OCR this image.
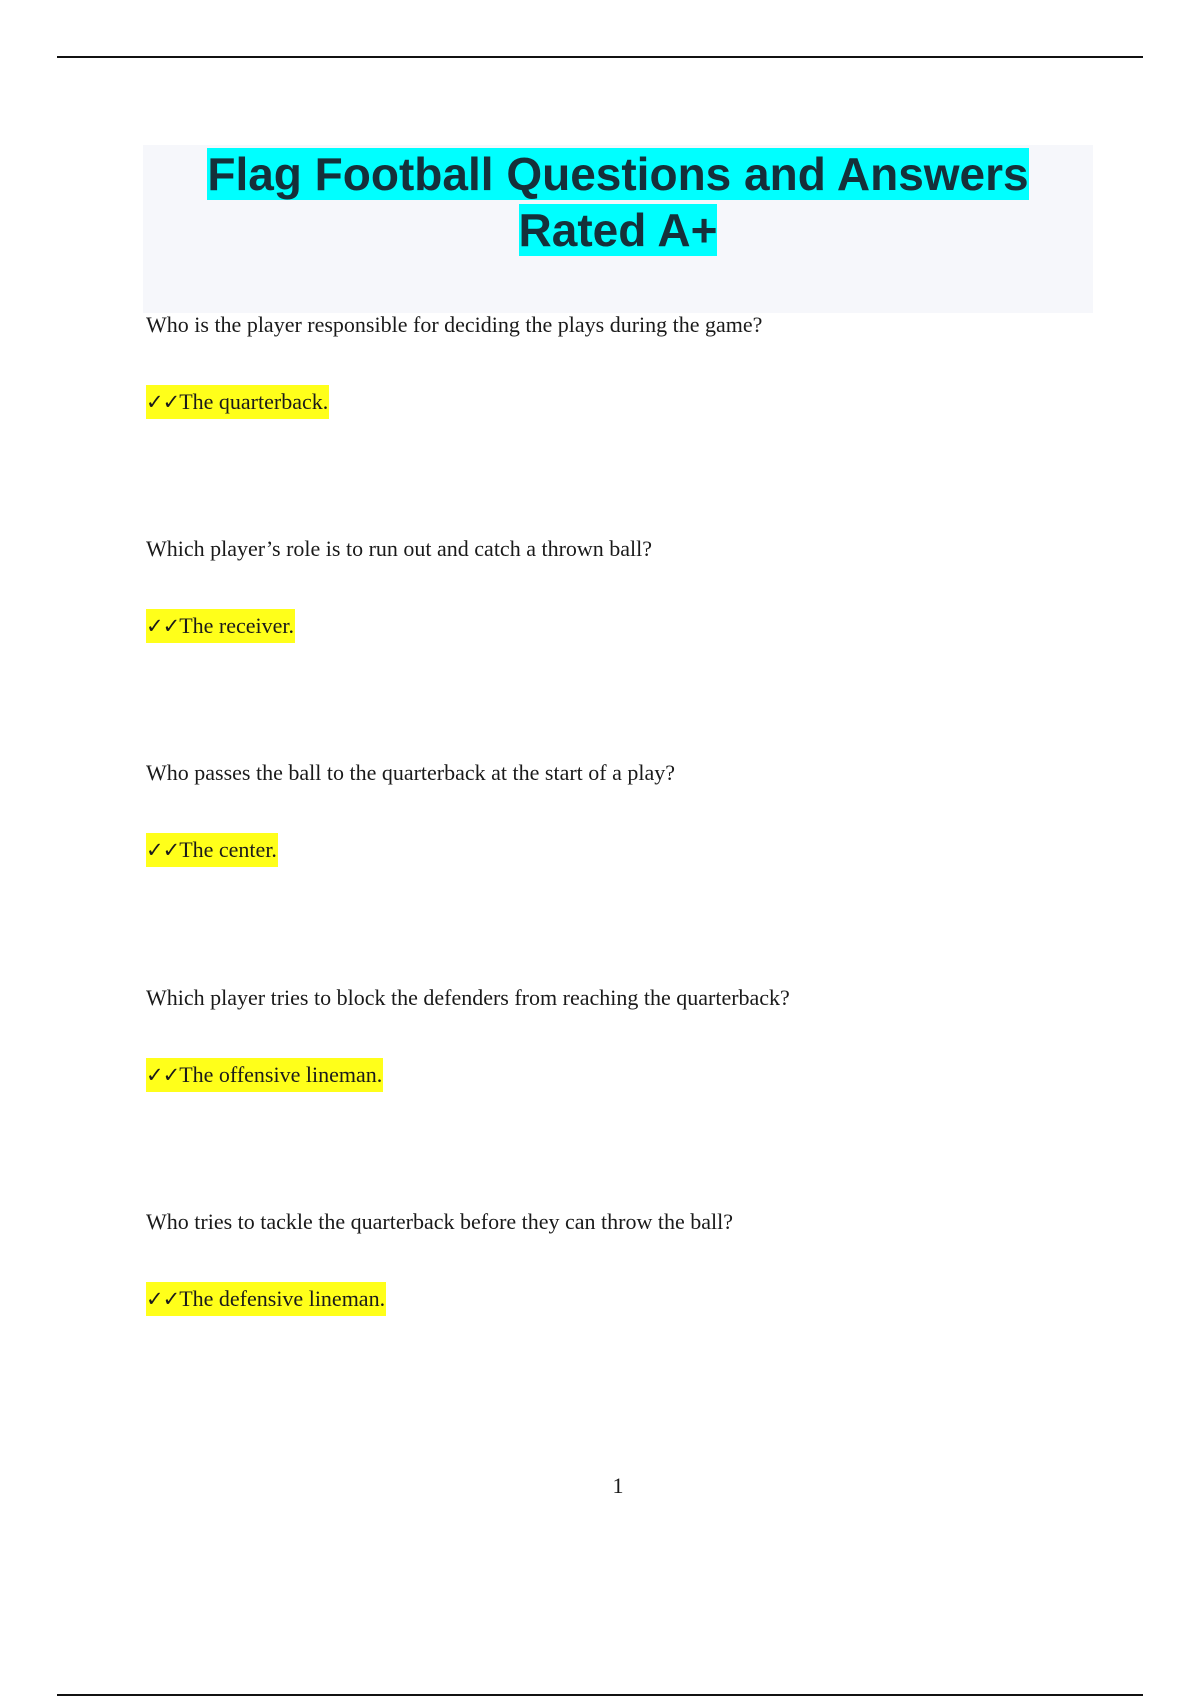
Flag Football Questions and Answers Rated A+

Who is the player responsible for deciding the plays during the game?

✓✓The quarterback.

Which player’s role is to run out and catch a thrown ball?

✓✓The receiver.

Who passes the ball to the quarterback at the start of a play?

✓✓The center.

Which player tries to block the defenders from reaching the quarterback?

✓✓The offensive lineman.

Who tries to tackle the quarterback before they can throw the ball?

✓✓The defensive lineman.
1
